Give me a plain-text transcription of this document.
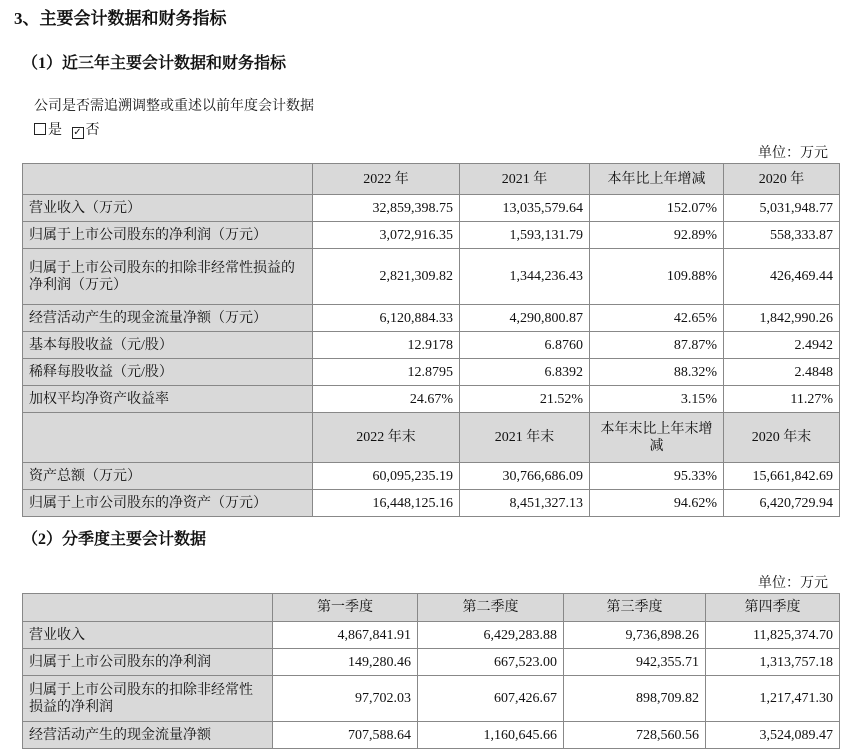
3、主要会计数据和财务指标
（1）近三年主要会计数据和财务指标
公司是否需追溯调整或重述以前年度会计数据
是 ✓ 否
单位：万元
	2022 年	2021 年	本年比上年增减	2020 年
营业收入（万元）	32,859,398.75	13,035,579.64	152.07%	5,031,948.77
归属于上市公司股东的净利润（万元）	3,072,916.35	1,593,131.79	92.89%	558,333.87
归属于上市公司股东的扣除非经常性损益的净利润（万元）	2,821,309.82	1,344,236.43	109.88%	426,469.44
经营活动产生的现金流量净额（万元）	6,120,884.33	4,290,800.87	42.65%	1,842,990.26
基本每股收益（元/股）	12.9178	6.8760	87.87%	2.4942
稀释每股收益（元/股）	12.8795	6.8392	88.32%	2.4848
加权平均净资产收益率	24.67%	21.52%	3.15%	11.27%
	2022 年末	2021 年末	本年末比上年末增减	2020 年末
资产总额（万元）	60,095,235.19	30,766,686.09	95.33%	15,661,842.69
归属于上市公司股东的净资产（万元）	16,448,125.16	8,451,327.13	94.62%	6,420,729.94
（2）分季度主要会计数据
单位：万元
	第一季度	第二季度	第三季度	第四季度
营业收入	4,867,841.91	6,429,283.88	9,736,898.26	11,825,374.70
归属于上市公司股东的净利润	149,280.46	667,523.00	942,355.71	1,313,757.18
归属于上市公司股东的扣除非经常性损益的净利润	97,702.03	607,426.67	898,709.82	1,217,471.30
经营活动产生的现金流量净额	707,588.64	1,160,645.66	728,560.56	3,524,089.47
